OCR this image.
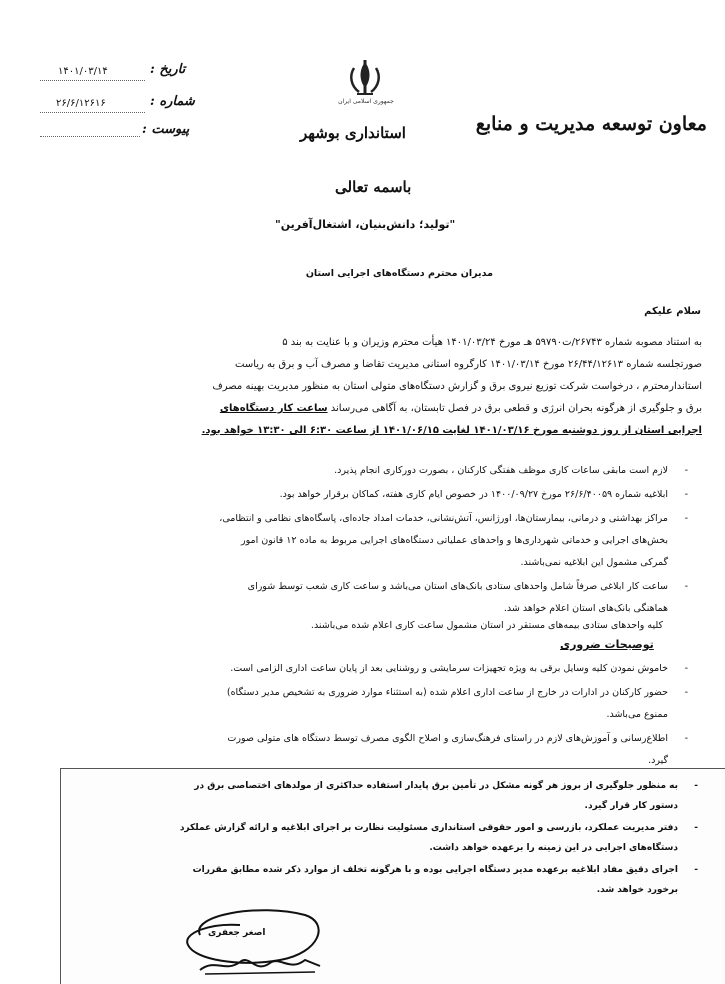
جمهوری اسلامی ایران
تاریخ :
۱۴۰۱/۰۳/۱۴
شماره :
۲۶/۶/۱۲۶۱۶
پیوست :	استانداری بوشهر	معاون توسعه مدیریت و منابع
باسمه تعالی
"تولید؛ دانش‌بنیان، اشتغال‌آفرین"
مدیران محترم دستگاه‌های اجرایی استان
سلام علیکم
به استناد مصوبه شماره ۲۶۷۴۳/ت۵۹۷۹۰ هـ مورخ ۱۴۰۱/۰۳/۲۴ هیأت محترم وزیران و با عنایت به بند ۵
صورتجلسه شماره ۲۶/۴۴/۱۲۶۱۳ مورخ ۱۴۰۱/۰۳/۱۴ کارگروه استانی مدیریت تقاضا و مصرف آب و برق به ریاست
استاندارمحترم ، درخواست شرکت توزیع نیروی برق و گزارش دستگاه‌های متولی استان به منظور مدیریت بهینه مصرف
برق و جلوگیری از هرگونه بحران انرژی و قطعی برق در فصل تابستان، به آگاهی می‌رساند ساعت کار دستگاه‌های
اجرایی استان از روز دوشنبه مورخ ۱۴۰۱/۰۳/۱۶ لغایت ۱۴۰۱/۰۶/۱۵ از ساعت ۶:۳۰ الی ۱۳:۳۰ خواهد بود.
-
لازم است مابقی ساعات کاری موظف هفتگی کارکنان ، بصورت دورکاری انجام پذیرد.
-
ابلاغیه شماره ۲۶/۶/۴۰۰۵۹ مورخ ۱۴۰۰/۰۹/۲۷ در خصوص ایام کاری هفته، کماکان برقرار خواهد بود.
-
مراکز بهداشتی و درمانی، بیمارستان‌ها، اورژانس، آتش‌نشانی، خدمات امداد جاده‌ای، پاسگاه‌های نظامی و انتظامی،
بخش‌های اجرایی و خدماتی شهرداری‌ها و واحدهای عملیاتی دستگاه‌های اجرایی مربوط به ماده ۱۲ قانون امور
گمرکی مشمول این ابلاغیه نمی‌باشند.
-
ساعت کار ابلاغی صرفاً شامل واحدهای ستادی بانک‌های استان می‌باشد و ساعت کاری شعب توسط شورای
هماهنگی بانک‌های استان اعلام خواهد شد.
کلیه واحدهای ستادی بیمه‌های مستقر در استان مشمول ساعت کاری اعلام شده می‌باشند.
توصیحات ضروری
-
خاموش نمودن کلیه وسایل برقی به ویژه تجهیزات سرمایشی و روشنایی بعد از پایان ساعت اداری الزامی است.
-
حضور کارکنان در ادارات در خارج از ساعت اداری اعلام شده (به استثناء موارد ضروری به تشخیص مدیر دستگاه)
ممنوع می‌باشد.
-
اطلاع‌رسانی و آموزش‌های لازم در راستای فرهنگ‌سازی و اصلاح الگوی مصرف توسط دستگاه های متولی صورت
گیرد.
-
به منظور جلوگیری از بروز هر گونه مشکل در تأمین برق پایدار استفاده حداکثری از مولدهای اختصاصی برق در
دستور کار قرار گیرد.
-
دفتر مدیریت عملکرد، بازرسی و امور حقوقی استانداری مسئولیت نظارت بر اجرای ابلاغیه و ارائه گزارش عملکرد
دستگاه‌های اجرایی در این زمینه را برعهده خواهد داشت.
-
اجرای دقیق مفاد ابلاغیه برعهده مدیر دستگاه اجرایی بوده و با هرگونه تخلف از موارد ذکر شده مطابق مقررات
برخورد خواهد شد.
اصغر جعفری
